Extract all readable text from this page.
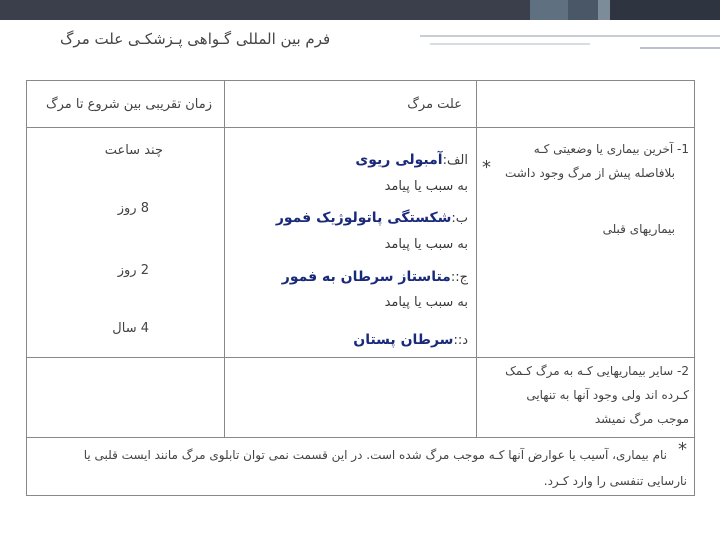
فرم بین المللی گـواهی پـزشکـی علت مرگ
علت مرگ
زمان تقریبی بین شروع تا مرگ
1- آخرین بیماری یا وضعیتی کـه
بلافاصله پیش از مرگ وجود داشت
*
بیماریهای قبلی
الف:آمبولی ریوی
به سبب یا پیامد
ب:شکستگی پاتولوژیک فمور
به سبب یا پیامد
ج::متاستاز سرطان به فمور
به سبب یا پیامد
د::سرطان پستان
چند ساعت
8 روز
2 روز
4 سال
2- سایر بیماریهایی کـه به مرگ کـمک
کـرده اند ولی وجود آنها به تنهایی
موجب مرگ نمیشد
*
نام بیماری، آسیب یا عوارض آنها کـه موجب مرگ شده است. در این قسمت نمی توان تابلوی مرگ مانند ایست قلبی یا
نارسایی تنفسی را وارد کـرد.
